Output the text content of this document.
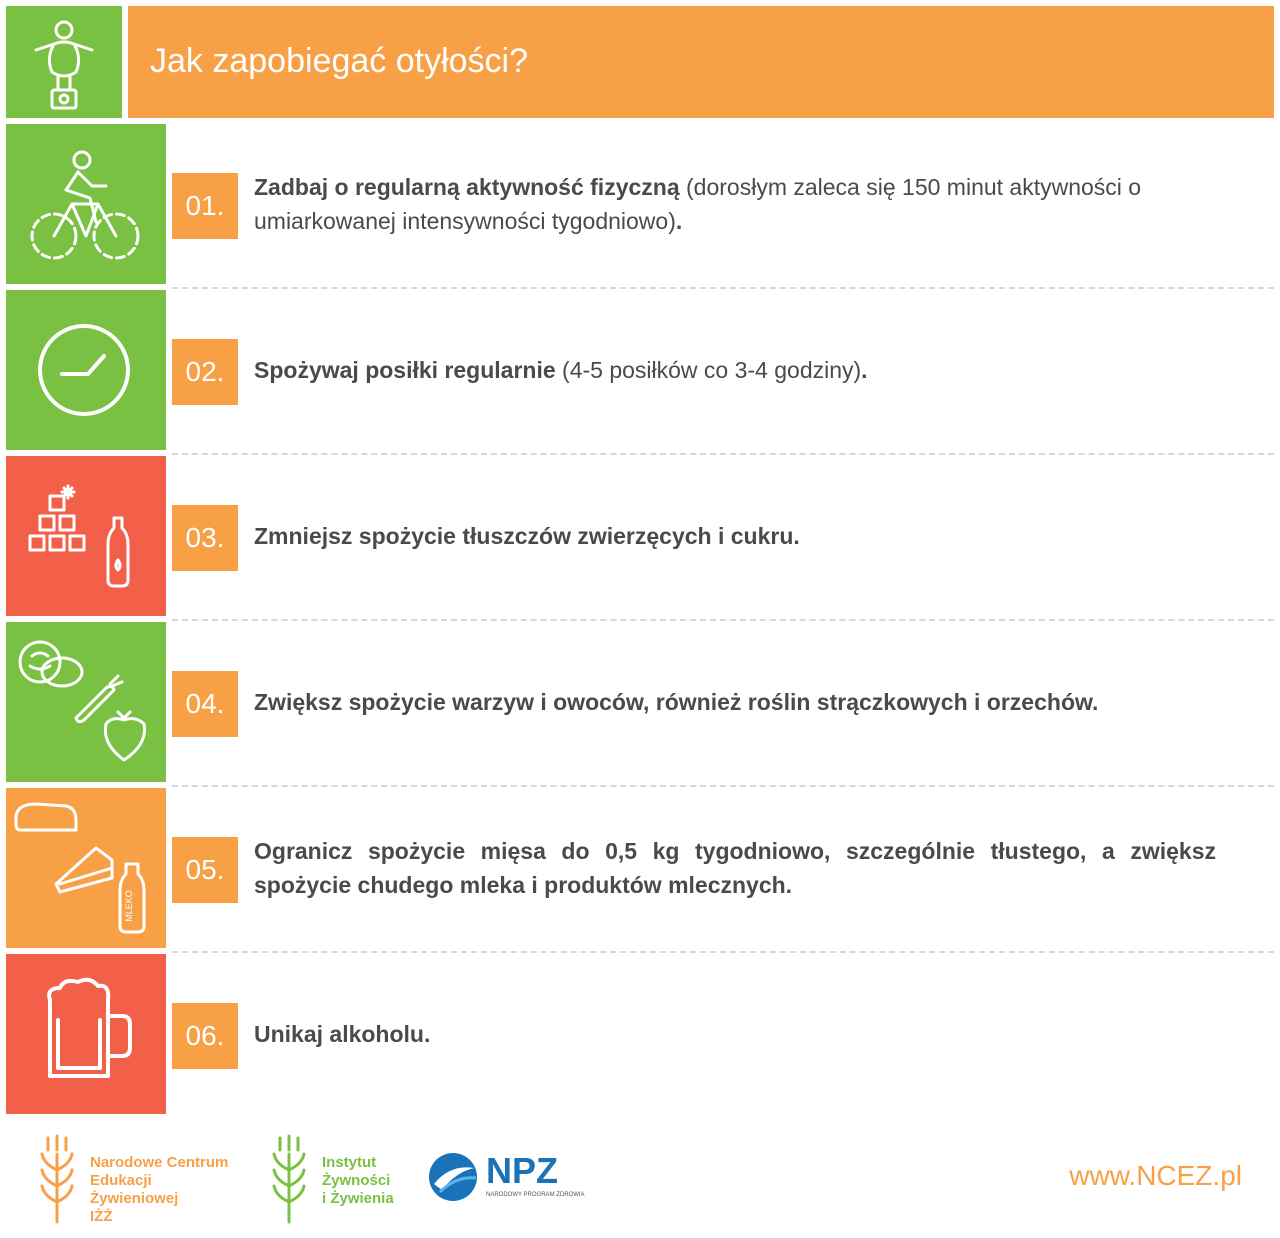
Jak zapobiegać otyłości?
01.

Zadbaj o regularną aktywność fizyczną (dorosłym zaleca się 150 minut aktywności o umiarkowanej intensywności tygodniowo).

02.	Spożywaj posiłki regularnie (4-5 posiłków co 3-4 godziny).

03.	Zmniejsz spożycie tłuszczów zwierzęcych i cukru.

04.	Zwiększ spożycie warzyw i owoców, również roślin strączkowych i orzechów.

MLEKO
05.

Ogranicz spożycie mięsa do 0,5 kg tygodniowo, szczególnie tłustego, a zwiększ spożycie chudego mleka i produktów mlecznych.

06.	Unikaj alkoholu.

Narodowe Centrum
Edukacji Żywieniowej
IŻŻ
Instytut
Żywności
i Żywienia
NPZ
NARODOWY PROGRAM ZDROWIA
www.NCEZ.pl
